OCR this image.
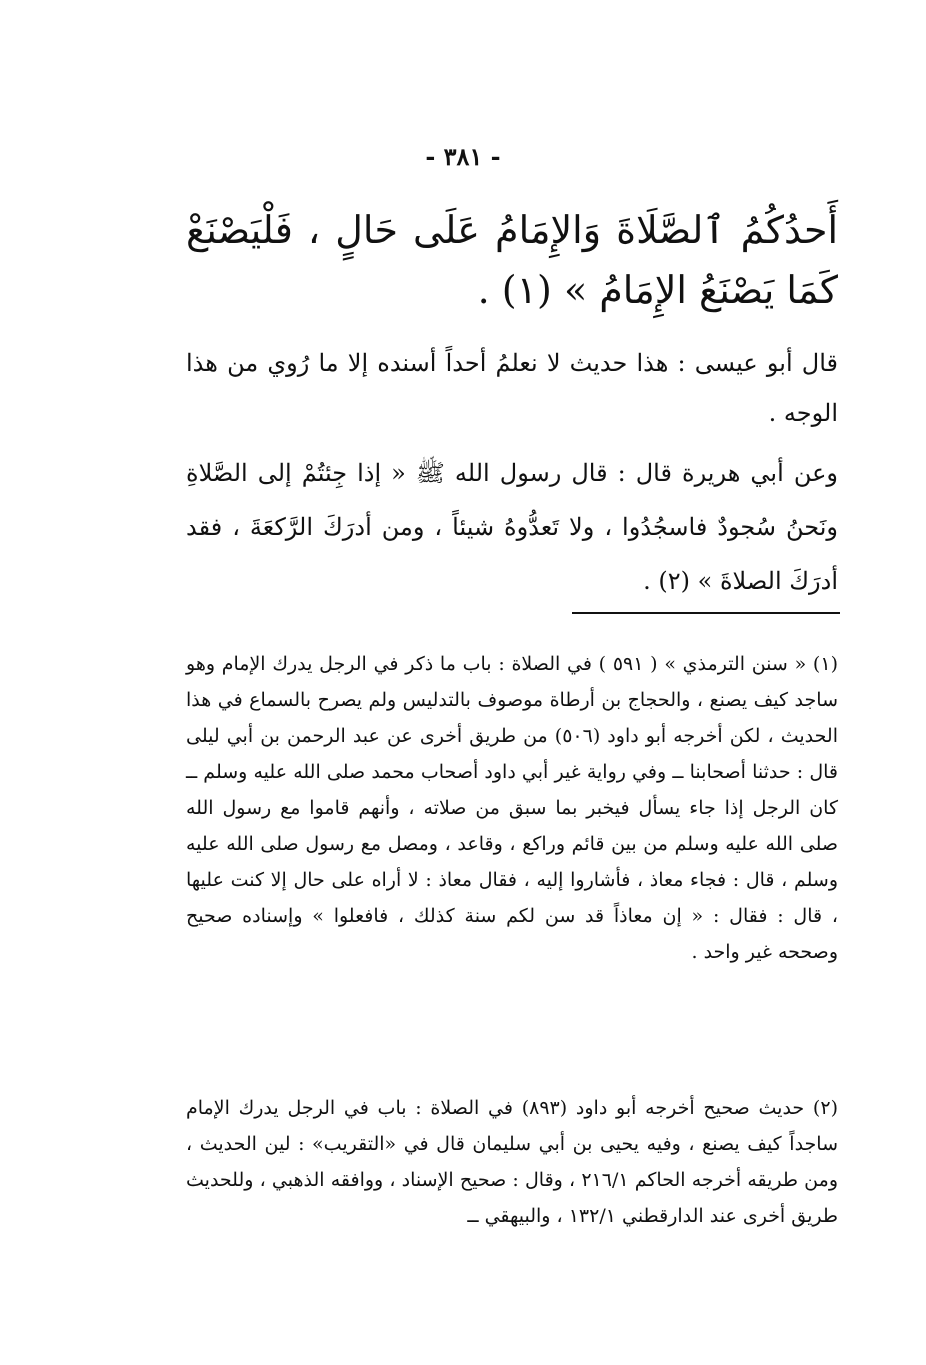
- ٣٨١ -

أَحدُكُمُ ٱلصَّلَاةَ وَالإِمَامُ عَلَى حَالٍ ، فَلْيَصْنَعْ كَمَا يَصْنَعُ الإِمَامُ » (١) .

قال أبو عيسى : هذا حديث لا نعلمُ أحداً أسنده إلا ما رُوي من هذا الوجه .

وعن أبي هريرة قال : قال رسول الله ﷺ « إذا جِئتُمْ إلى الصَّلاةِ ونَحنُ سُجودٌ فاسجُدُوا ، ولا تَعدُّوهُ شيئاً ، ومن أدرَكَ الرَّكعَةَ ، فقد أدرَكَ الصلاةَ » (٢) .

(١) « سنن الترمذي » ( ٥٩١ ) في الصلاة : باب ما ذكر في الرجل يدرك الإمام وهو ساجد كيف يصنع ، والحجاج بن أرطاة موصوف بالتدليس ولم يصرح بالسماع في هذا الحديث ، لكن أخرجه أبو داود (٥٠٦) من طريق أخرى عن عبد الرحمن بن أبي ليلى قال : حدثنا أصحابنا ــ وفي رواية غير أبي داود أصحاب محمد صلى الله عليه وسلم ــ كان الرجل إذا جاء يسأل فيخبر بما سبق من صلاته ، وأنهم قاموا مع رسول الله صلى الله عليه وسلم من بين قائم وراكع ، وقاعد ، ومصل مع رسول صلى الله عليه وسلم ، قال : فجاء معاذ ، فأشاروا إليه ، فقال معاذ : لا أراه على حال إلا كنت عليها ، قال : فقال : « إن معاذاً قد سن لكم سنة كذلك ، فافعلوا » وإسناده صحيح وصححه غير واحد .

(٢) حديث صحيح أخرجه أبو داود (٨٩٣) في الصلاة : باب في الرجل يدرك الإمام ساجداً كيف يصنع ، وفيه يحيى بن أبي سليمان قال في «التقريب» : لين الحديث ، ومن طريقه أخرجه الحاكم ٢١٦/١ ، وقال : صحيح الإسناد ، ووافقه الذهبي ، وللحديث طريق أخرى عند الدارقطني ١٣٢/١ ، والبيهقي ــ
